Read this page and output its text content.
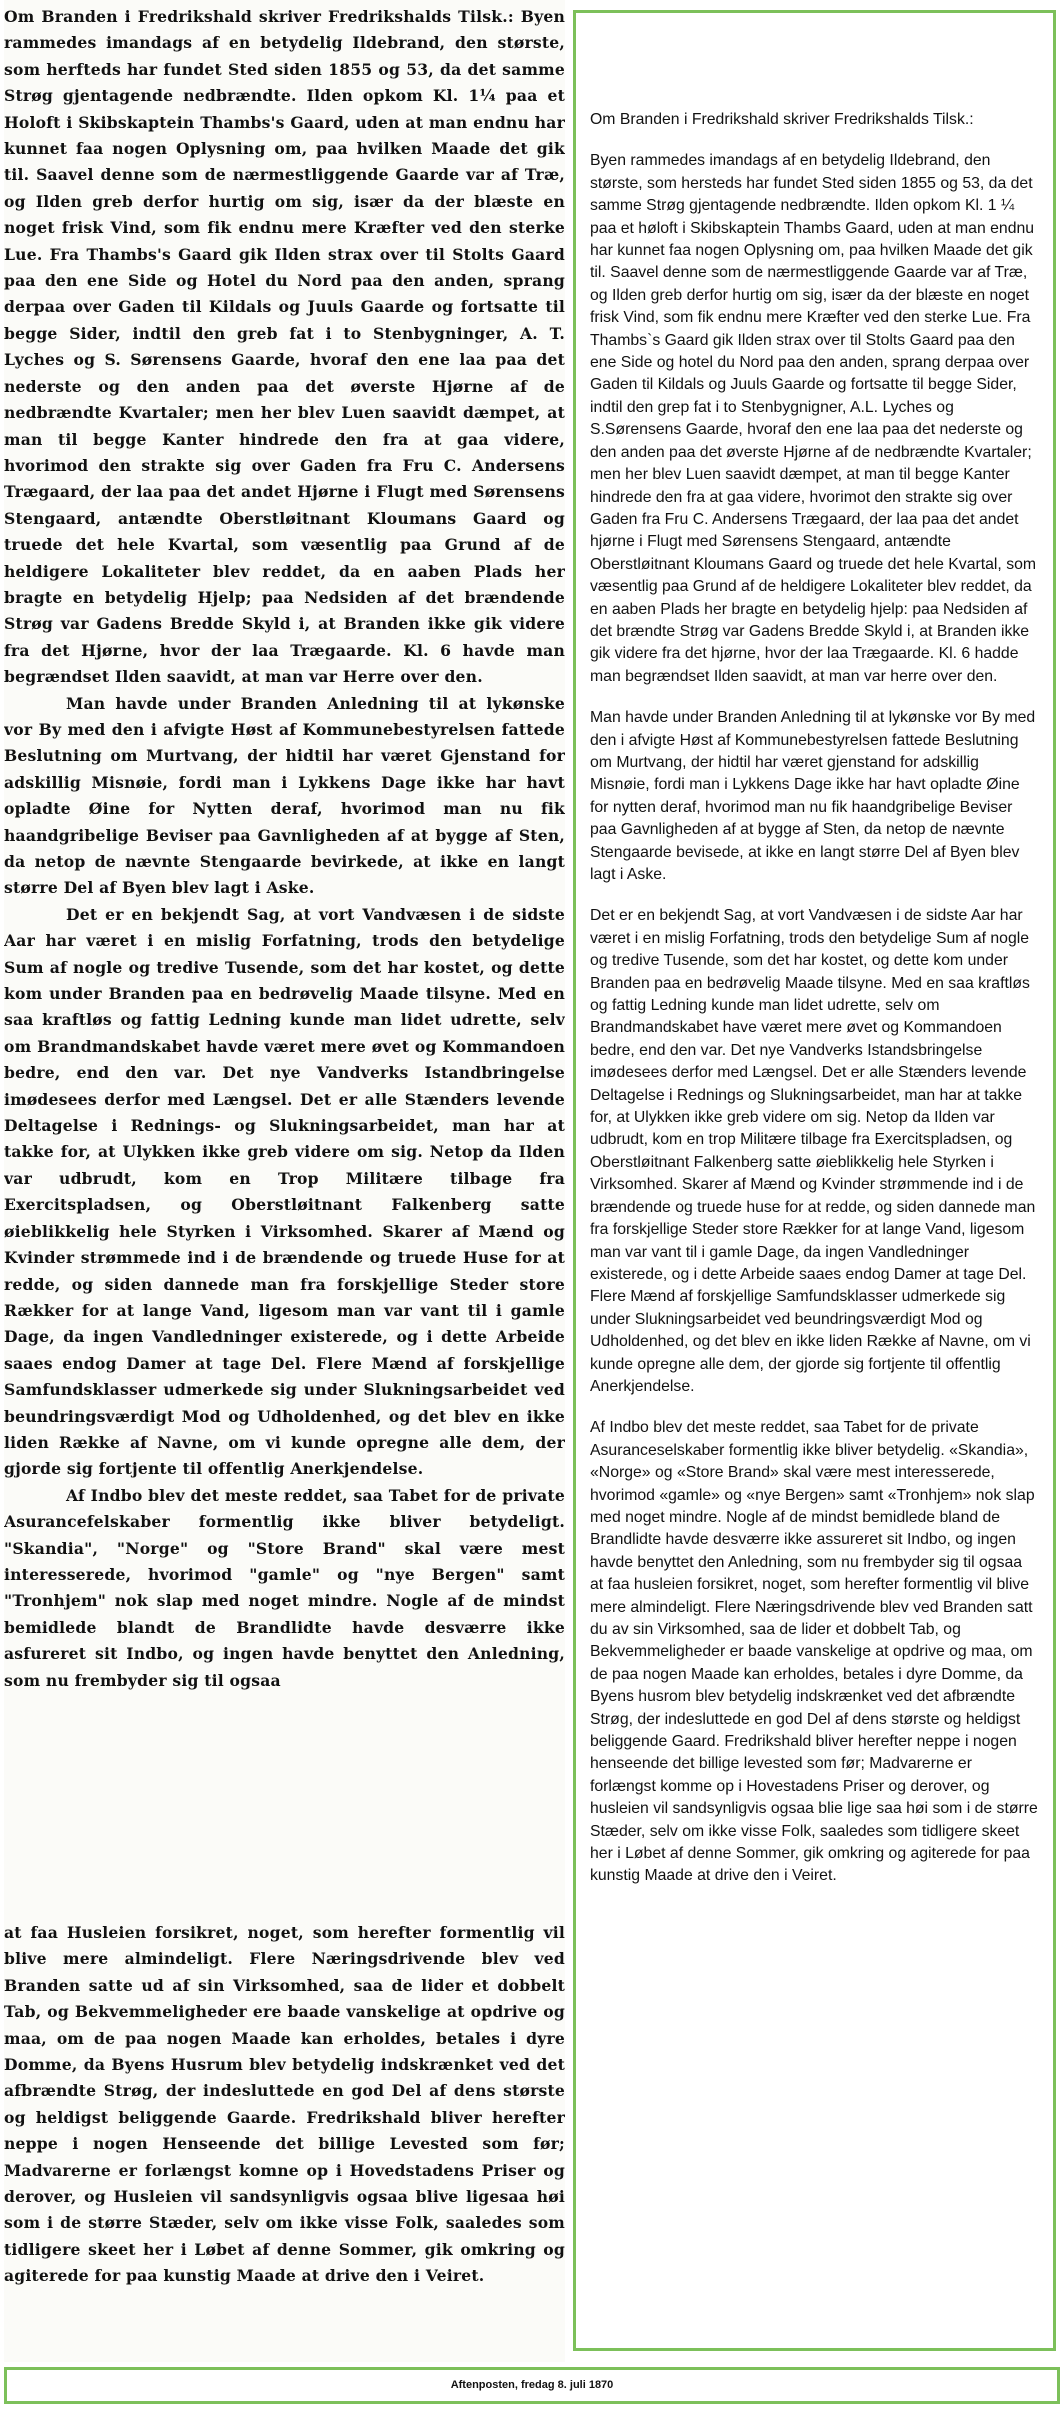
Om Branden i Fredrikshald skriver Fredrikshalds Tilsk.: Byen rammedes imandags af en betydelig Ildebrand, den største, som herfteds har fundet Sted siden 1855 og 53, da det samme Strøg gjentagende nedbrændte. Ilden opkom Kl. 1¼ paa et Holoft i Skibskaptein Thambs's Gaard, uden at man endnu har kunnet faa nogen Oplysning om, paa hvilken Maade det gik til. Saavel denne som de nærmestliggende Gaarde var af Træ, og Ilden greb derfor hurtig om sig, især da der blæste en noget frisk Vind, som fik endnu mere Kræfter ved den sterke Lue. Fra Thambs's Gaard gik Ilden strax over til Stolts Gaard paa den ene Side og Hotel du Nord paa den anden, sprang derpaa over Gaden til Kildals og Juuls Gaarde og fortsatte til begge Sider, indtil den greb fat i to Stenbygninger, A. T. Lyches og S. Sørensens Gaarde, hvoraf den ene laa paa det nederste og den anden paa det øverste Hjørne af de nedbrændte Kvartaler; men her blev Luen saavidt dæmpet, at man til begge Kanter hindrede den fra at gaa videre, hvorimod den strakte sig over Gaden fra Fru C. Andersens Trægaard, der laa paa det andet Hjørne i Flugt med Sørensens Stengaard, antændte Oberstløitnant Kloumans Gaard og truede det hele Kvartal, som væsentlig paa Grund af de heldigere Lokaliteter blev reddet, da en aaben Plads her bragte en betydelig Hjelp; paa Nedsiden af det brændende Strøg var Gadens Bredde Skyld i, at Branden ikke gik videre fra det Hjørne, hvor der laa Trægaarde. Kl. 6 havde man begrændset Ilden saavidt, at man var Herre over den.

Man havde under Branden Anledning til at lykønske vor By med den i afvigte Høst af Kommunebestyrelsen fattede Beslutning om Murtvang, der hidtil har været Gjenstand for adskillig Misnøie, fordi man i Lykkens Dage ikke har havt opladte Øine for Nytten deraf, hvorimod man nu fik haandgribelige Beviser paa Gavnligheden af at bygge af Sten, da netop de nævnte Stengaarde bevirkede, at ikke en langt større Del af Byen blev lagt i Aske.

Det er en bekjendt Sag, at vort Vandvæsen i de sidste Aar har været i en mislig Forfatning, trods den betydelige Sum af nogle og tredive Tusende, som det har kostet, og dette kom under Branden paa en bedrøvelig Maade tilsyne. Med en saa kraftløs og fattig Ledning kunde man lidet udrette, selv om Brandmandskabet havde været mere øvet og Kommandoen bedre, end den var. Det nye Vandverks Istandbringelse imødesees derfor med Længsel. Det er alle Stænders levende Deltagelse i Rednings- og Slukningsarbeidet, man har at takke for, at Ulykken ikke greb videre om sig. Netop da Ilden var udbrudt, kom en Trop Militære tilbage fra Exercitspladsen, og Oberstløitnant Falkenberg satte øieblikkelig hele Styrken i Virksomhed. Skarer af Mænd og Kvinder strømmede ind i de brændende og truede Huse for at redde, og siden dannede man fra forskjellige Steder store Rækker for at lange Vand, ligesom man var vant til i gamle Dage, da ingen Vandledninger existerede, og i dette Arbeide saaes endog Damer at tage Del. Flere Mænd af forskjellige Samfundsklasser udmerkede sig under Slukningsarbeidet ved beundringsværdigt Mod og Udholdenhed, og det blev en ikke liden Række af Navne, om vi kunde opregne alle dem, der gjorde sig fortjente til offentlig Anerkjendelse.

Af Indbo blev det meste reddet, saa Tabet for de private Asurancefelskaber formentlig ikke bliver betydeligt. "Skandia", "Norge" og "Store Brand" skal være mest interesserede, hvorimod "gamle" og "nye Bergen" samt "Tronhjem" nok slap med noget mindre. Nogle af de mindst bemidlede blandt de Brandlidte havde desværre ikke asfureret sit Indbo, og ingen havde benyttet den Anledning, som nu frembyder sig til ogsaa

at faa Husleien forsikret, noget, som herefter formentlig vil blive mere almindeligt. Flere Næringsdrivende blev ved Branden satte ud af sin Virksomhed, saa de lider et dobbelt Tab, og Bekvemmeligheder ere baade vanskelige at opdrive og maa, om de paa nogen Maade kan erholdes, betales i dyre Domme, da Byens Husrum blev betydelig indskrænket ved det afbrændte Strøg, der indesluttede en god Del af dens største og heldigst beliggende Gaarde. Fredrikshald bliver herefter neppe i nogen Henseende det billige Levested som før; Madvarerne er forlængst komne op i Hovedstadens Priser og derover, og Husleien vil sandsynligvis ogsaa blive ligesaa høi som i de større Stæder, selv om ikke visse Folk, saaledes som tidligere skeet her i Løbet af denne Sommer, gik omkring og agiterede for paa kunstig Maade at drive den i Veiret.

Om Branden i Fredrikshald skriver Fredrikshalds Tilsk.:

Byen rammedes imandags af en betydelig Ildebrand, den største, som hersteds har fundet Sted siden 1855 og 53, da det samme Strøg gjentagende nedbrændte. Ilden opkom Kl. 1 ¼ paa et høloft i Skibskaptein Thambs Gaard, uden at man endnu har kunnet faa nogen Oplysning om, paa hvilken Maade det gik til. Saavel denne som de nærmestliggende Gaarde var af Træ, og Ilden greb derfor hurtig om sig, især da der blæste en noget frisk Vind, som fik endnu mere Kræfter ved den sterke Lue. Fra Thambs`s Gaard gik Ilden strax over til Stolts Gaard paa den ene Side og hotel du Nord paa den anden, sprang derpaa over Gaden til Kildals og Juuls Gaarde og fortsatte til begge Sider, indtil den grep fat i to Stenbygnigner, A.L. Lyches og S.Sørensens Gaarde, hvoraf den ene laa paa det nederste og den anden paa det øverste Hjørne af de nedbrændte Kvartaler; men her blev Luen saavidt dæmpet, at man til begge Kanter hindrede den fra at gaa videre, hvorimot den strakte sig over Gaden fra Fru C. Andersens Trægaard, der laa paa det andet hjørne i Flugt med Sørensens Stengaard, antændte Oberstløitnant Kloumans Gaard og truede det hele Kvartal, som væsentlig paa Grund af de heldigere Lokaliteter blev reddet, da en aaben Plads her bragte en betydelig hjelp: paa Nedsiden af det brændte Strøg var Gadens Bredde Skyld i, at Branden ikke gik videre fra det hjørne, hvor der laa Trægaarde. Kl. 6 hadde man begrændset Ilden saavidt, at man var herre over den.

Man havde under Branden Anledning til at lykønske vor By med den i afvigte Høst af Kommunebestyrelsen fattede Beslutning om Murtvang, der hidtil har været gjenstand for adskillig Misnøie, fordi man i Lykkens Dage ikke har havt opladte Øine for nytten deraf, hvorimod man nu fik haandgribelige Beviser paa Gavnligheden af at bygge af Sten, da netop de nævnte Stengaarde bevisede, at ikke en langt større Del af Byen blev lagt i Aske.

Det er en bekjendt Sag, at vort Vandvæsen i de sidste Aar har været i en mislig Forfatning, trods den betydelige Sum af nogle og tredive Tusende, som det har kostet, og dette kom under Branden paa en bedrøvelig Maade tilsyne. Med en saa kraftløs og fattig Ledning kunde man lidet udrette, selv om Brandmandskabet have været mere øvet og Kommandoen bedre, end den var. Det nye Vandverks Istandsbringelse imødesees derfor med Længsel. Det er alle Stænders levende Deltagelse i Rednings og Slukningsarbeidet, man har at takke for, at Ulykken ikke greb videre om sig. Netop da Ilden var udbrudt, kom en trop Militære tilbage fra Exercitspladsen, og Oberstløitnant Falkenberg satte øieblikkelig hele Styrken i Virksomhed. Skarer af Mænd og Kvinder strømmende ind i de brændende og truede huse for at redde, og siden dannede man fra forskjellige Steder store Rækker for at lange Vand, ligesom man var vant til i gamle Dage, da ingen Vandledninger existerede, og i dette Arbeide saaes endog Damer at tage Del. Flere Mænd af forskjellige Samfundsklasser udmerkede sig under Slukningsarbeidet ved beundringsværdigt Mod og Udholdenhed, og det blev en ikke liden Række af Navne, om vi kunde opregne alle dem, der gjorde sig fortjente til offentlig Anerkjendelse.

Af Indbo blev det meste reddet, saa Tabet for de private Asuranceselskaber formentlig ikke bliver betydelig. «Skandia», «Norge» og «Store Brand» skal være mest interesserede, hvorimod «gamle» og «nye Bergen» samt «Tronhjem» nok slap med noget mindre. Nogle af de mindst bemidlede bland de Brandlidte havde desværre ikke assureret sit Indbo, og ingen havde benyttet den Anledning, som nu frembyder sig til ogsaa at faa husleien forsikret, noget, som herefter formentlig vil blive mere almindeligt. Flere Næringsdrivende blev ved Branden satt du av sin Virksomhed, saa de lider et dobbelt Tab, og Bekvemmeligheder er baade vanskelige at opdrive og maa, om de paa nogen Maade kan erholdes, betales i dyre Domme, da Byens husrom blev betydelig indskrænket ved det afbrændte Strøg, der indesluttede en god Del af dens største og heldigst beliggende Gaard. Fredrikshald bliver herefter neppe i nogen henseende det billige levested som før; Madvarerne er forlængst komme op i Hovestadens Priser og derover, og husleien vil sandsynligvis ogsaa blie lige saa høi som i de større Stæder, selv om ikke visse Folk, saaledes som tidligere skeet her i Løbet af denne Sommer, gik omkring og agiterede for paa kunstig Maade at drive den i Veiret.

Aftenposten, fredag 8. juli 1870
